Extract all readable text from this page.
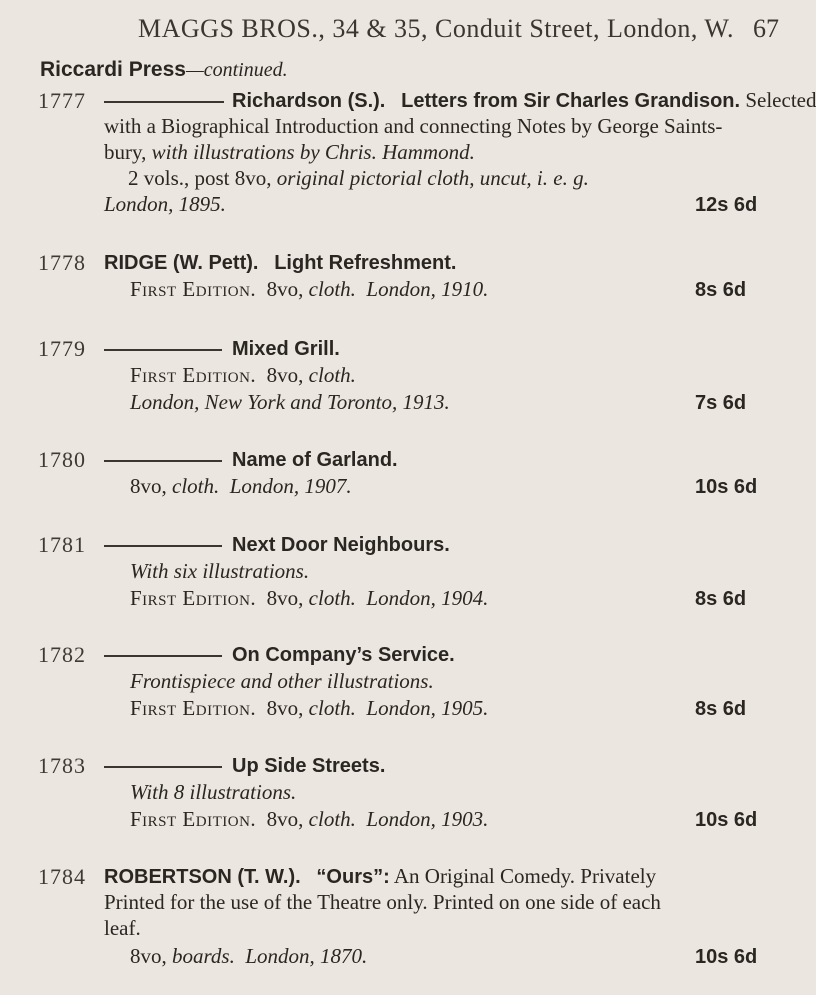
MAGGS BROS., 34 & 35, Conduit Street, London, W. 67
Riccardi Press—continued.
1777	Richardson (S.). Letters from Sir Charles Grandison. Selected
with a Biographical Introduction and connecting Notes by George Saints-
bury, with illustrations by Chris. Hammond.
2 vols., post 8vo, original pictorial cloth, uncut, i. e. g.
London, 1895.	12s 6d
1778 RIDGE (W. Pett). Light Refreshment.
First Edition. 8vo, cloth. London, 1910.	8s 6d
1779	Mixed Grill.
First Edition. 8vo, cloth.
London, New York and Toronto, 1913.	7s 6d
1780	Name of Garland.
8vo, cloth. London, 1907.	10s 6d
1781	Next Door Neighbours.
With six illustrations.
First Edition. 8vo, cloth. London, 1904.	8s 6d
1782	On Company’s Service.
Frontispiece and other illustrations.
First Edition. 8vo, cloth. London, 1905.	8s 6d
1783	Up Side Streets.
With 8 illustrations.
First Edition. 8vo, cloth. London, 1903.	10s 6d
1784 ROBERTSON (T. W.). “Ours”: An Original Comedy. Privately
Printed for the use of the Theatre only. Printed on one side of each
leaf.
8vo, boards. London, 1870.	10s 6d
